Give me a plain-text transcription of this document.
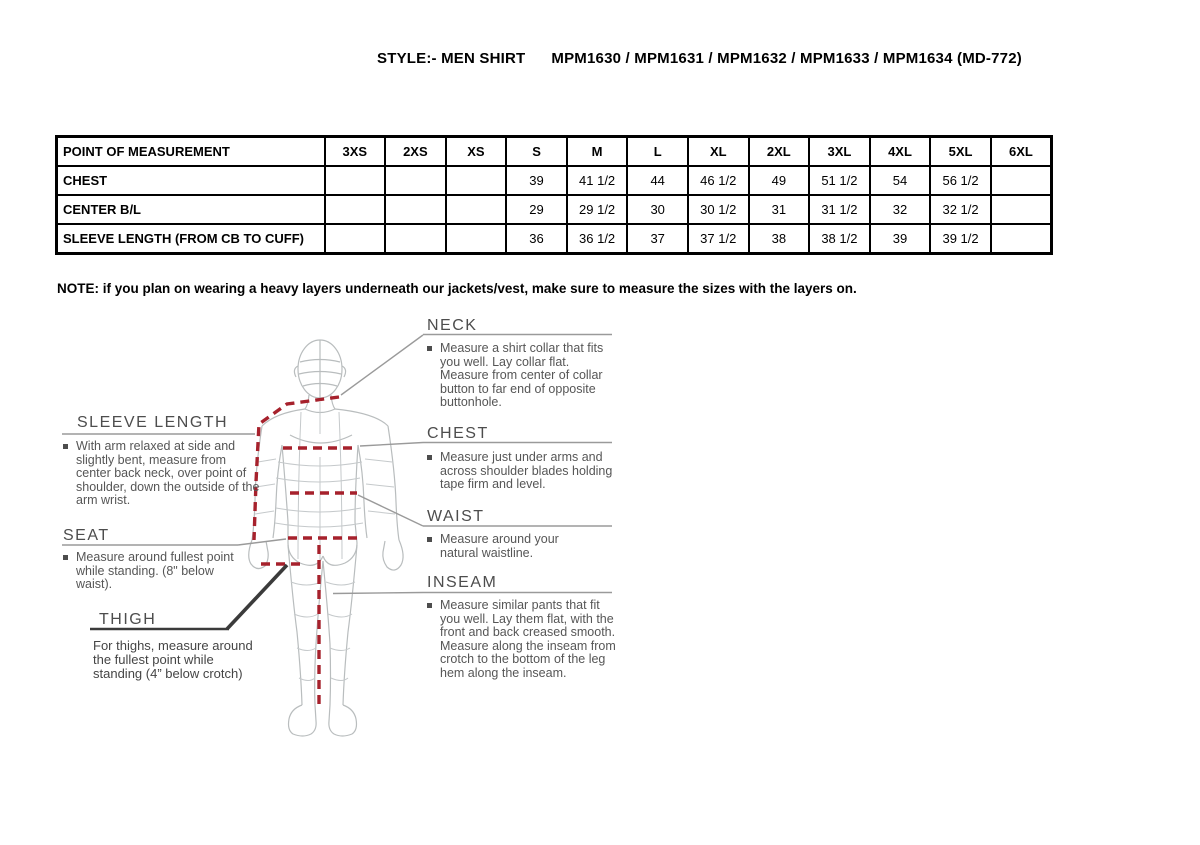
STYLE:- MEN SHIRT MPM1630 / MPM1631 / MPM1632 / MPM1633 / MPM1634 (MD-772)
POINT OF MEASUREMENT	3XS	2XS	XS	S	M	L	XL	2XL	3XL	4XL	5XL	6XL
CHEST				39	41 1/2	44	46 1/2	49	51 1/2	54	56 1/2	
CENTER B/L				29	29 1/2	30	30 1/2	31	31 1/2	32	32 1/2	
SLEEVE LENGTH (FROM CB TO CUFF)				36	36 1/2	37	37 1/2	38	38 1/2	39	39 1/2	
NOTE: if you plan on wearing a heavy layers underneath our jackets/vest, make sure to measure the sizes with the layers on.
SLEEVE LENGTH
With arm relaxed at side and slightly bent, measure from center back neck, over point of shoulder, down the outside of the arm wrist.
SEAT
Measure around fullest point while standing. (8" below waist).
THIGH
For thighs, measure around the fullest point while standing (4” below crotch)
NECK
Measure a shirt collar that fits you well. Lay collar flat. Measure from center of collar button to far end of opposite buttonhole.
CHEST
Measure just under arms and across shoulder blades holding tape firm and level.
WAIST
Measure around your natural waistline.
INSEAM
Measure similar pants that fit you well. Lay them flat, with the front and back creased smooth. Measure along the inseam from crotch to the bottom of the leg hem along the inseam.
